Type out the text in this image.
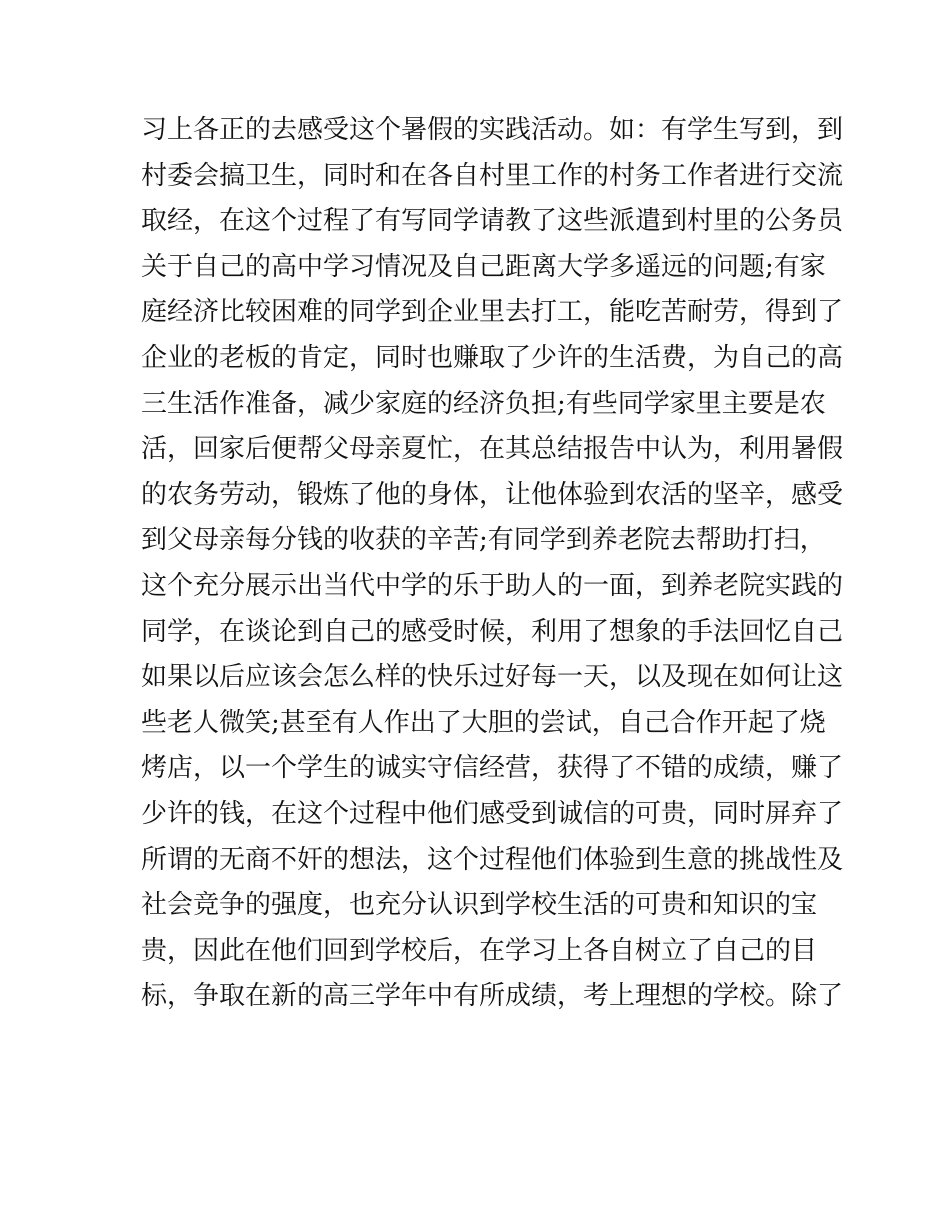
习上各正的去感受这个暑假的实践活动。如：有学生写到，到
村委会搞卫生，同时和在各自村里工作的村务工作者进行交流
取经，在这个过程了有写同学请教了这些派遣到村里的公务员
关于自己的高中学习情况及自己距离大学多遥远的问题;有家
庭经济比较困难的同学到企业里去打工，能吃苦耐劳，得到了
企业的老板的肯定，同时也赚取了少许的生活费，为自己的高
三生活作准备，减少家庭的经济负担;有些同学家里主要是农
活，回家后便帮父母亲夏忙，在其总结报告中认为，利用暑假
的农务劳动，锻炼了他的身体，让他体验到农活的坚辛，感受
到父母亲每分钱的收获的辛苦;有同学到养老院去帮助打扫，
这个充分展示出当代中学的乐于助人的一面，到养老院实践的
同学，在谈论到自己的感受时候，利用了想象的手法回忆自己
如果以后应该会怎么样的快乐过好每一天，以及现在如何让这
些老人微笑;甚至有人作出了大胆的尝试，自己合作开起了烧
烤店，以一个学生的诚实守信经营，获得了不错的成绩，赚了
少许的钱，在这个过程中他们感受到诚信的可贵，同时屏弃了
所谓的无商不奸的想法，这个过程他们体验到生意的挑战性及
社会竞争的强度，也充分认识到学校生活的可贵和知识的宝
贵，因此在他们回到学校后，在学习上各自树立了自己的目
标，争取在新的高三学年中有所成绩，考上理想的学校。除了
